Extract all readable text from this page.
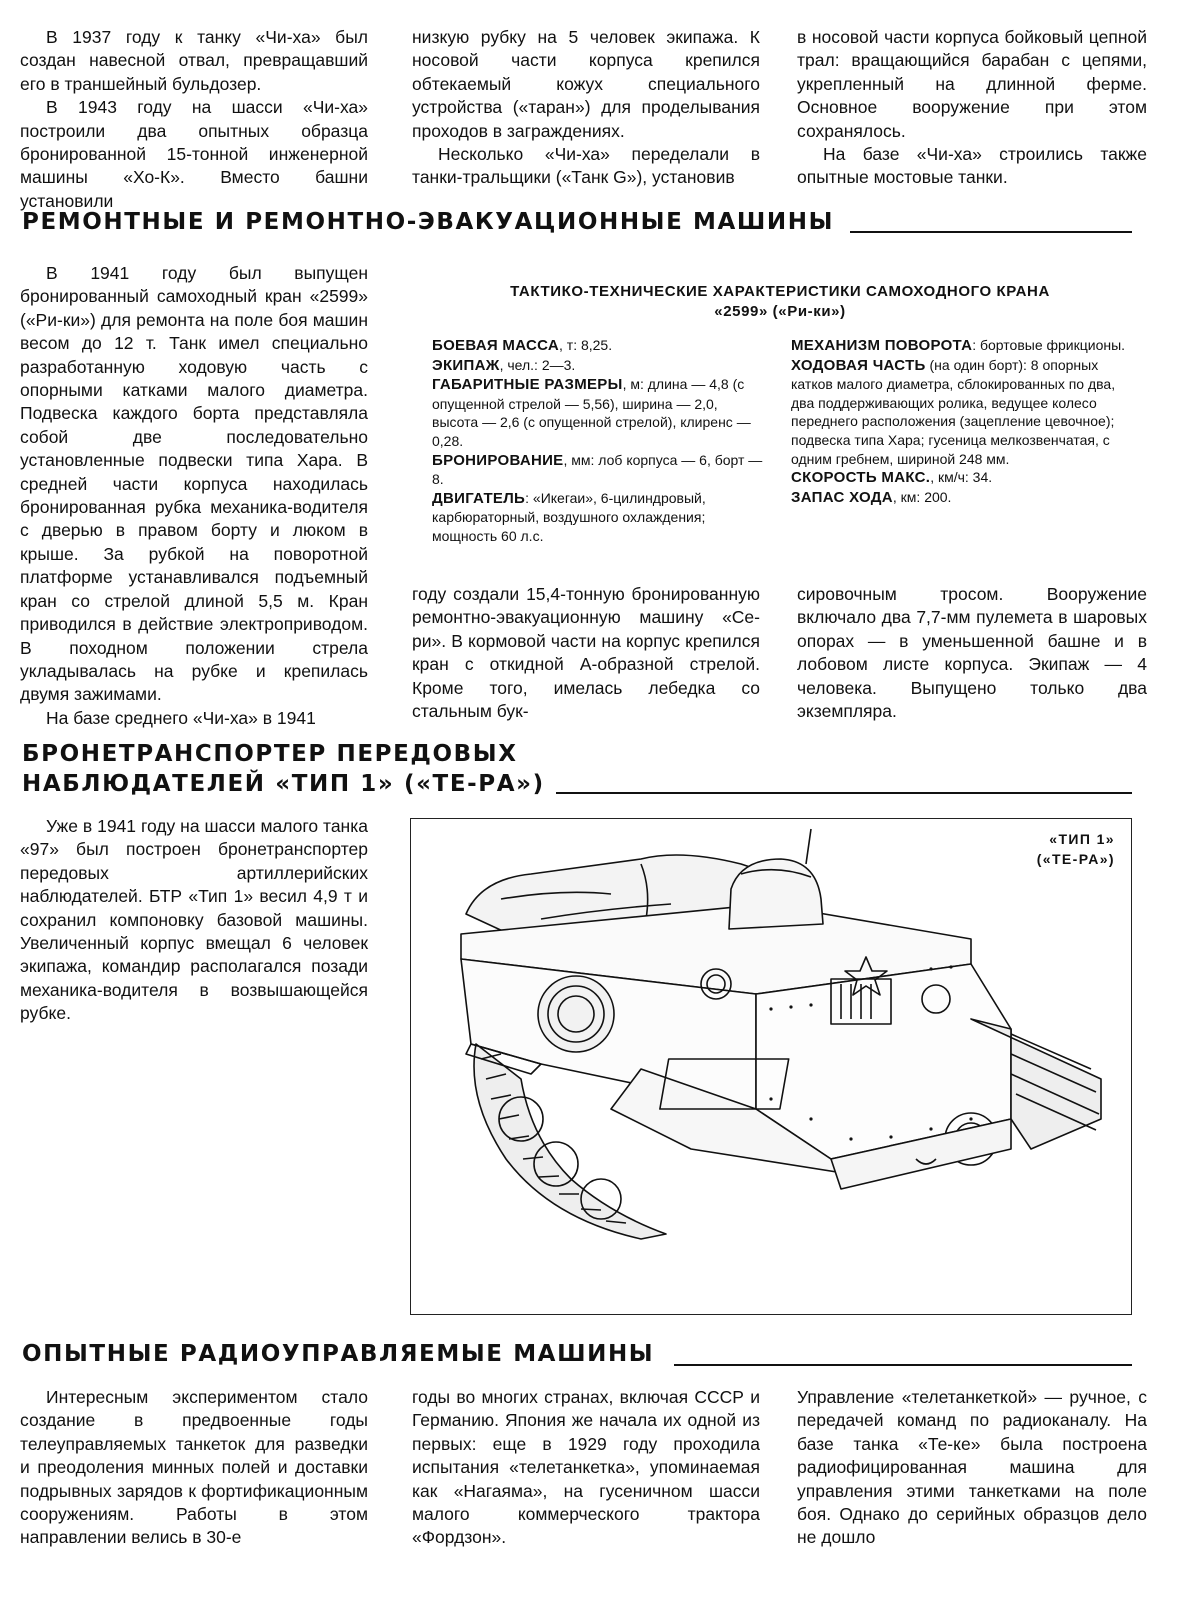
В 1937 году к танку «Чи-ха» был создан навесной отвал, превращавший его в траншейный бульдозер.

В 1943 году на шасси «Чи-ха» построили два опытных образца бронированной 15-тонной инженерной машины «Хо-К». Вместо башни установили

низкую рубку на 5 человек экипажа. К носовой части корпуса крепился обтекаемый кожух специального устройства («таран») для проделывания проходов в заграждениях.

Несколько «Чи-ха» переделали в танки-тральщики («Танк G»), установив

в носовой части корпуса бойковый цепной трал: вращающийся барабан с цепями, укрепленный на длинной ферме. Основное вооружение при этом сохранялось.

На базе «Чи-ха» строились также опытные мостовые танки.

РЕМОНТНЫЕ И РЕМОНТНО-ЭВАКУАЦИОННЫЕ МАШИНЫ

В 1941 году был выпущен бронированный самоходный кран «2599» («Ри-ки») для ремонта на поле боя машин весом до 12 т. Танк имел специально разработанную ходовую часть с опорными катками малого диаметра. Подвеска каждого борта представляла собой две последовательно установленные подвески типа Хара. В средней части корпуса находилась бронированная рубка механика-водителя с дверью в правом борту и люком в крыше. За рубкой на поворотной платформе устанавливался подъемный кран со стрелой длиной 5,5 м. Кран приводился в действие электроприводом. В походном положении стрела укладывалась на рубке и крепилась двумя зажимами.

На базе среднего «Чи-ха» в 1941

ТАКТИКО-ТЕХНИЧЕСКИЕ ХАРАКТЕРИСТИКИ САМОХОДНОГО КРАНА
«2599» («Ри-ки»)

БОЕВАЯ МАССА, т: 8,25.

ЭКИПАЖ, чел.: 2—3.

ГАБАРИТНЫЕ РАЗМЕРЫ, м: длина — 4,8 (с опущенной стрелой — 5,56), ширина — 2,0, высота — 2,6 (с опущенной стрелой), клиренс — 0,28.

БРОНИРОВАНИЕ, мм: лоб корпуса — 6, борт — 8.

ДВИГАТЕЛЬ: «Икегаи», 6-цилиндровый, карбюраторный, воздушного охлаждения; мощность 60 л.с.

МЕХАНИЗМ ПОВОРОТА: бортовые фрикционы.

ХОДОВАЯ ЧАСТЬ (на один борт): 8 опорных катков малого диаметра, сблокированных по два, два поддерживающих ролика, ведущее колесо переднего расположения (зацепление цевочное); подвеска типа Хара; гусеница мелкозвенчатая, с одним гребнем, шириной 248 мм.

СКОРОСТЬ МАКС., км/ч: 34.

ЗАПАС ХОДА, км: 200.

году создали 15,4-тонную бронированную ремонтно-эвакуационную машину «Се-ри». В кормовой части на корпус крепился кран с откидной А-образной стрелой. Кроме того, имелась лебедка со стальным бук-

сировочным тросом. Вооружение включало два 7,7-мм пулемета в шаровых опорах — в уменьшенной башне и в лобовом листе корпуса. Экипаж — 4 человека. Выпущено только два экземпляра.

БРОНЕТРАНСПОРТЕР ПЕРЕДОВЫХ
НАБЛЮДАТЕЛЕЙ «ТИП 1» («ТЕ-РА»)

Уже в 1941 году на шасси малого танка «97» был построен бронетранспортер передовых артиллерийских наблюдателей. БТР «Тип 1» весил 4,9 т и сохранил компоновку базовой машины. Увеличенный корпус вмещал 6 человек экипажа, командир располагался позади механика-водителя в возвышающейся рубке.

«ТИП 1»
(«ТЕ-РА»)
ОПЫТНЫЕ РАДИОУПРАВЛЯЕМЫЕ МАШИНЫ

Интересным экспериментом стало создание в предвоенные годы телеуправляемых танкеток для разведки и преодоления минных полей и доставки подрывных зарядов к фортификационным сооружениям. Работы в этом направлении велись в 30-е

годы во многих странах, включая СССР и Германию. Япония же начала их одной из первых: еще в 1929 году проходила испытания «телетанкетка», упоминаемая как «Нагаяма», на гусеничном шасси малого коммерческого трактора «Фордзон».

Управление «телетанкеткой» — ручное, с передачей команд по радиоканалу. На базе танка «Те-ке» была построена радиофицированная машина для управления этими танкетками на поле боя. Однако до серийных образцов дело не дошло
